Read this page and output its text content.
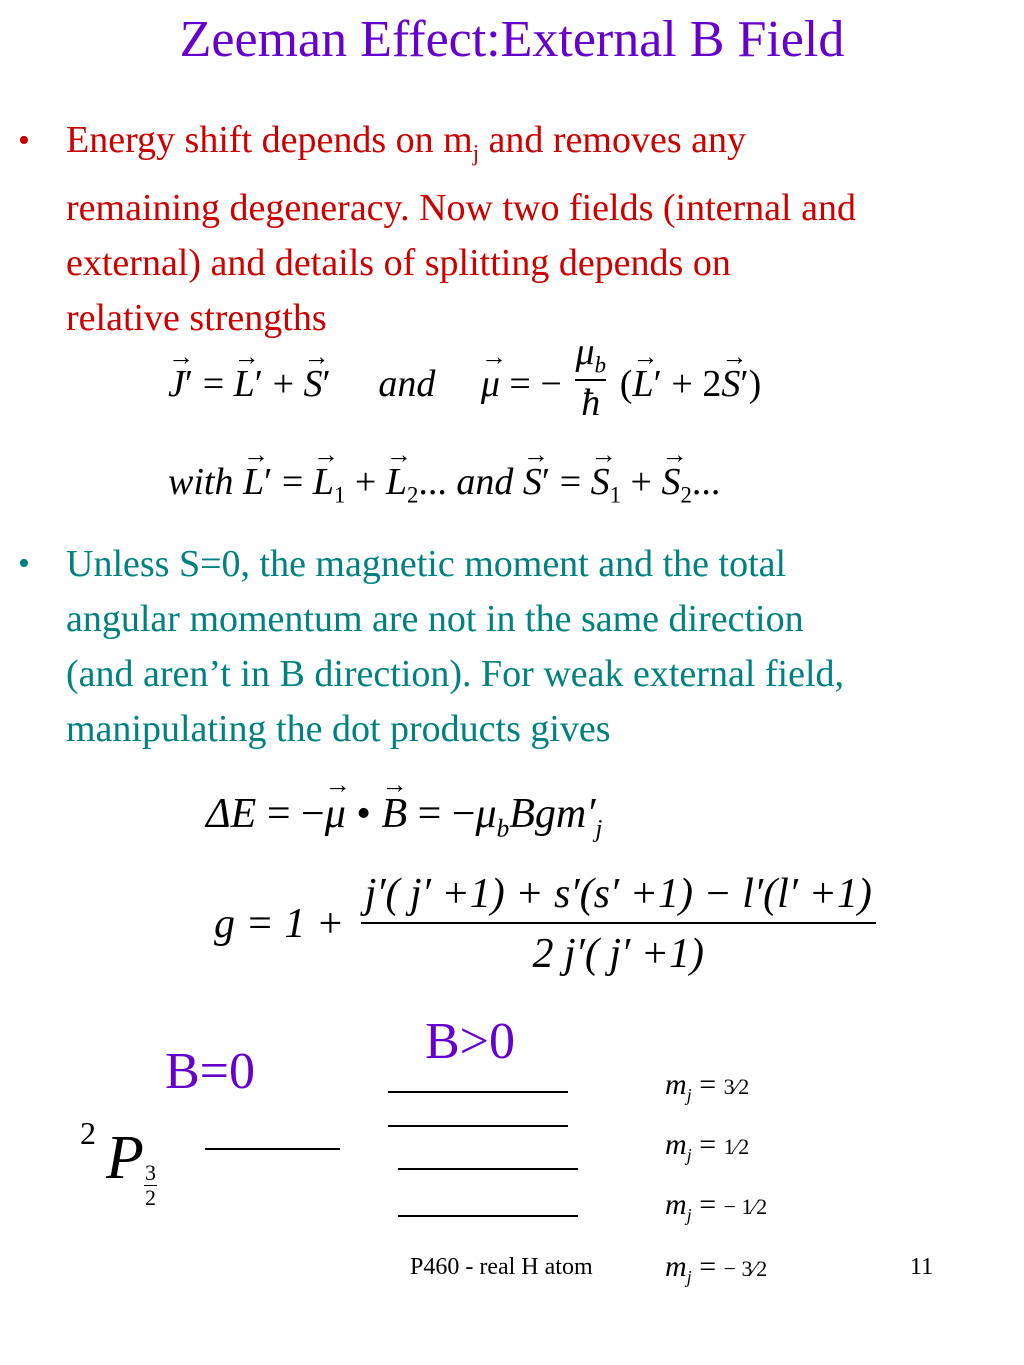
Zeeman Effect:External B Field
• Energy shift depends on $m_j$ and removes any
remaining degeneracy. Now two fields (internal and
external) and details of splitting depends on
relative strengths
→ J′ = → L′ + → S′ and → μ = − $\frac{\mu_b}{ħ}$ (→ L′ + 2→ S′)
with → L′ = → $L_1$ + → $L_2$... and → S′ = → $S_1$ + → $S_2$...
• Unless S=0, the magnetic moment and the total
angular momentum are not in the same direction
(and aren’t in B direction). For weak external field,
manipulating the dot products gives
ΔE = −→ μ • → $B = -\mu_bBgm'_j$
$g = 1 + \frac{j'( j' +1) + s'(s' +1) - l'(l' +1)}{2 j'( j' +1)}$
B=0
B>0
2 P 3
2
$m_j$ = 3⁄2
$m_j$ = 1⁄2
$m_j$ = − 1⁄2
$m_j$ = − 3⁄2
P460 - real H atom	11
